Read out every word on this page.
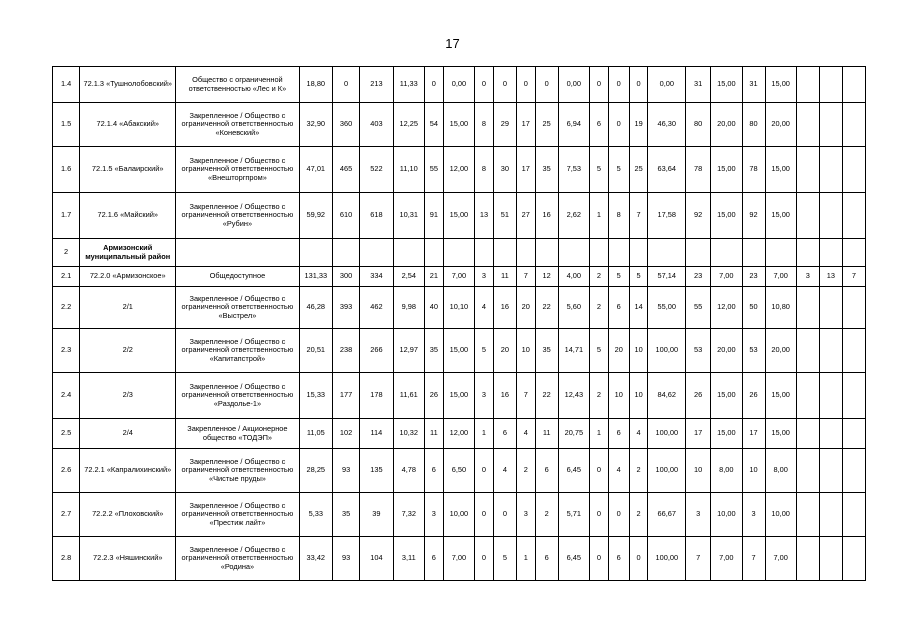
17
1.4	72.1.3 «Тушнолобовский»	Общество с ограниченной ответственностью «Лес и К»	18,80	0	213	11,33	0	0,00	0	0	0	0	0,00	0	0	0	0,00	31	15,00	31	15,00			
1.5	72.1.4 «Абакский»	Закрепленное / Общество с ограниченной ответственностью «Коневский»	32,90	360	403	12,25	54	15,00	8	29	17	25	6,94	6	0	19	46,30	80	20,00	80	20,00			
1.6	72.1.5 «Балаирский»	Закрепленное / Общество с ограниченной ответственностью «Внешторгпром»	47,01	465	522	11,10	55	12,00	8	30	17	35	7,53	5	5	25	63,64	78	15,00	78	15,00			
1.7	72.1.6 «Майский»	Закрепленное / Общество с ограниченной ответственностью «Рубин»	59,92	610	618	10,31	91	15,00	13	51	27	16	2,62	1	8	7	17,58	92	15,00	92	15,00			
2	Армизонский муниципальный район																							
2.1	72.2.0 «Армизонское»	Общедоступное	131,33	300	334	2,54	21	7,00	3	11	7	12	4,00	2	5	5	57,14	23	7,00	23	7,00	3	13	7
2.2	2/1	Закрепленное / Общество с ограниченной ответственностью «Выстрел»	46,28	393	462	9,98	40	10,10	4	16	20	22	5,60	2	6	14	55,00	55	12,00	50	10,80			
2.3	2/2	Закрепленное / Общество с ограниченной ответственностью «Капитапстрой»	20,51	238	266	12,97	35	15,00	5	20	10	35	14,71	5	20	10	100,00	53	20,00	53	20,00			
2.4	2/3	Закрепленное / Общество с ограниченной ответственностью «Раздолье-1»	15,33	177	178	11,61	26	15,00	3	16	7	22	12,43	2	10	10	84,62	26	15,00	26	15,00			
2.5	2/4	Закрепленное / Акционерное общество «ТОДЭП»	11,05	102	114	10,32	11	12,00	1	6	4	11	20,75	1	6	4	100,00	17	15,00	17	15,00			
2.6	72.2.1 «Капралихинский»	Закрепленное / Общество с ограниченной ответственностью «Чистые пруды»	28,25	93	135	4,78	6	6,50	0	4	2	6	6,45	0	4	2	100,00	10	8,00	10	8,00			
2.7	72.2.2 «Плоховский»	Закрепленное / Общество с ограниченной ответственностью «Престиж лайт»	5,33	35	39	7,32	3	10,00	0	0	3	2	5,71	0	0	2	66,67	3	10,00	3	10,00			
2.8	72.2.3 «Няшинский»	Закрепленное / Общество с ограниченной ответственностью «Родина»	33,42	93	104	3,11	6	7,00	0	5	1	6	6,45	0	6	0	100,00	7	7,00	7	7,00			
